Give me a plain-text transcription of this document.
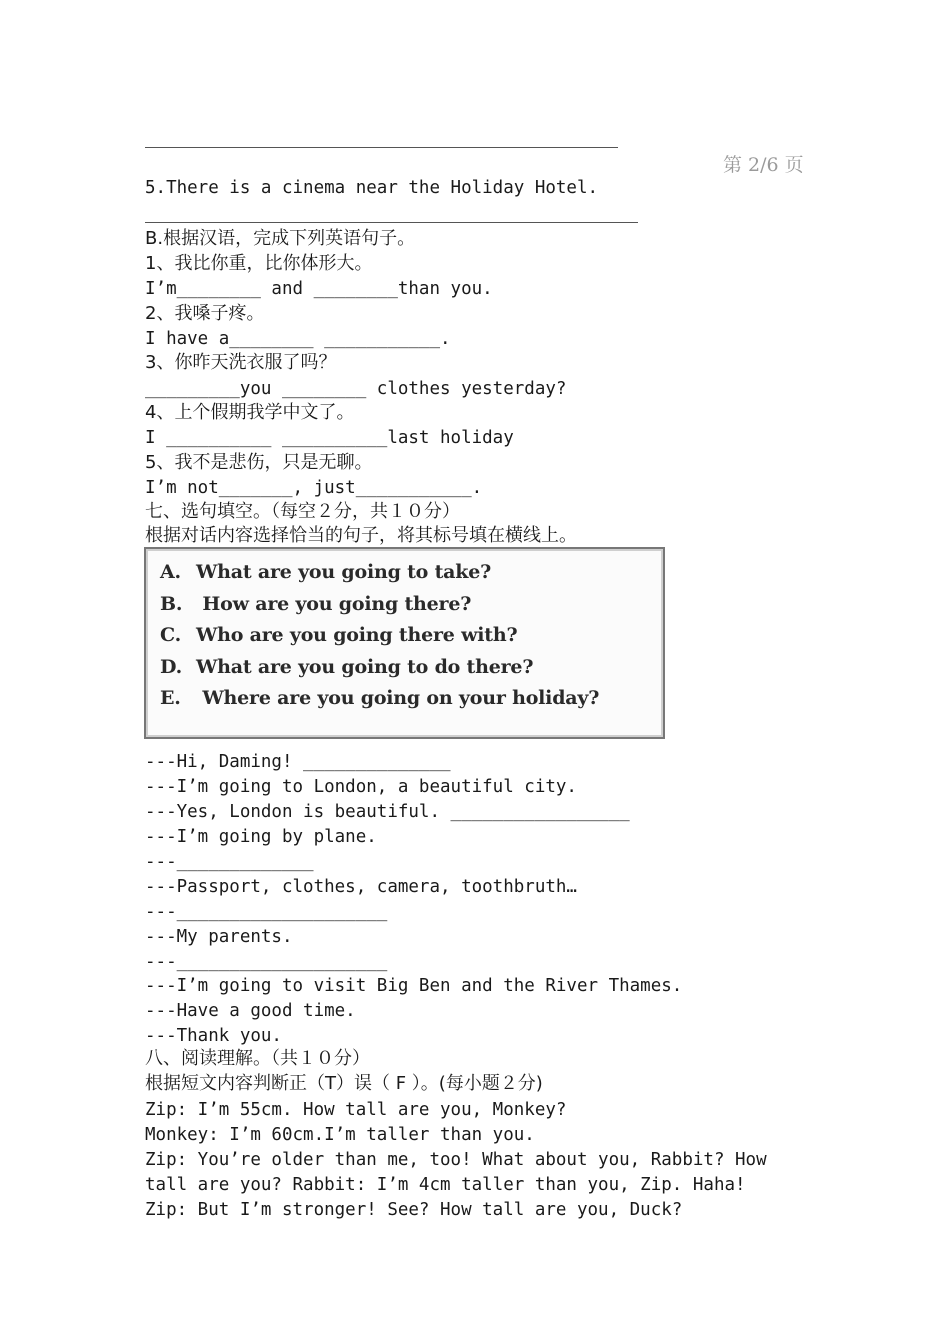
第 2/6 页
5.There is a cinema near the Holiday Hotel.
B.根据汉语，完成下列英语句子。
1、我比你重，比你体形大。
I’m________ and ________than you.
2、我嗓子疼。
I have a________ ___________.
3、你昨天洗衣服了吗？
_________you ________ clothes yesterday?
4、上个假期我学中文了。
I __________ __________last holiday
5、我不是悲伤，只是无聊。
I’m not_______, just___________.
七、选句填空。（每空２分，共１０分）
根据对话内容选择恰当的句子，将其标号填在横线上。
A. What are you going to take?
B. How are you going there?
C. Who are you going there with?
D. What are you going to do there?
E. Where are you going on your holiday?
---Hi, Daming! ______________
---I’m going to London, a beautiful city.
---Yes, London is beautiful. _________________
---I’m going by plane.
---_____________
---Passport, clothes, camera, toothbruth…
---____________________
---My parents.
---____________________
---I’m going to visit Big Ben and the River Thames.
---Have a good time.
---Thank you.
八、阅读理解。（共１０分）
根据短文内容判断正（T）误（ F ）。(每小题２分)
Zip: I’m 55cm. How tall are you, Monkey?
Monkey: I’m 60cm.I’m taller than you.
Zip: You’re older than me, too! What about you, Rabbit? How
tall are you? Rabbit: I’m 4cm taller than you, Zip. Haha!
Zip: But I’m stronger! See? How tall are you, Duck?
